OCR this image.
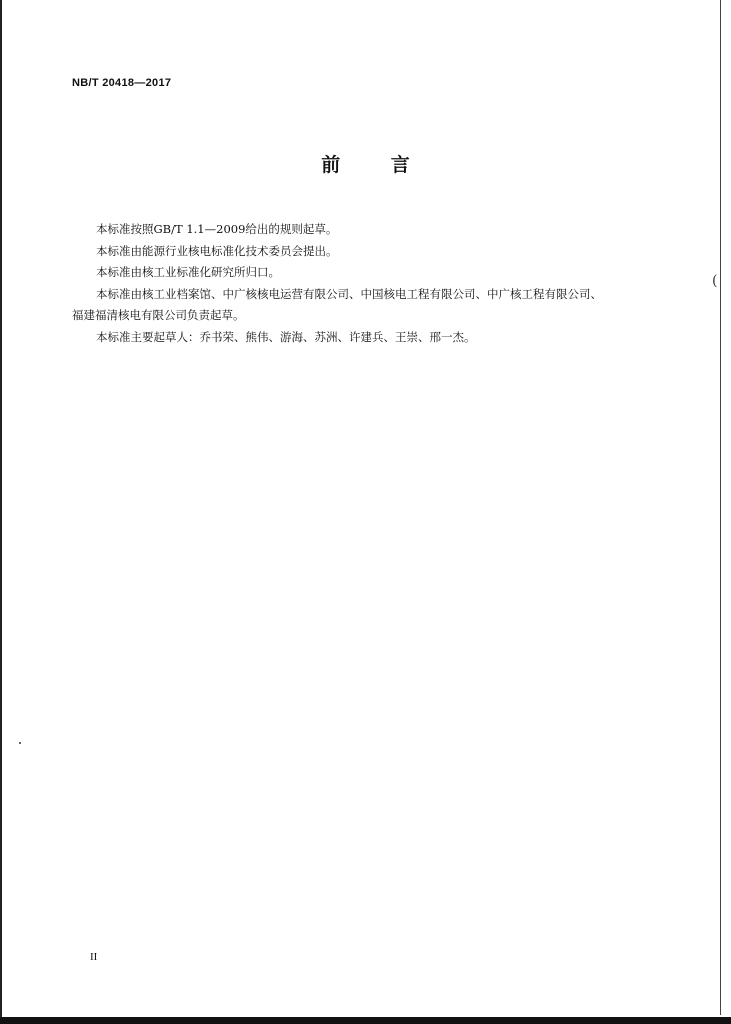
NB/T 20418—2017
前 言

本标准按照GB/T 1.1—2009给出的规则起草。

本标准由能源行业核电标准化技术委员会提出。

本标准由核工业标准化研究所归口。

本标准由核工业档案馆、中广核核电运营有限公司、中国核电工程有限公司、中广核工程有限公司、

福建福清核电有限公司负责起草。

本标准主要起草人：乔书荣、熊伟、游海、苏洲、许建兵、王崇、邢一杰。

(
II
